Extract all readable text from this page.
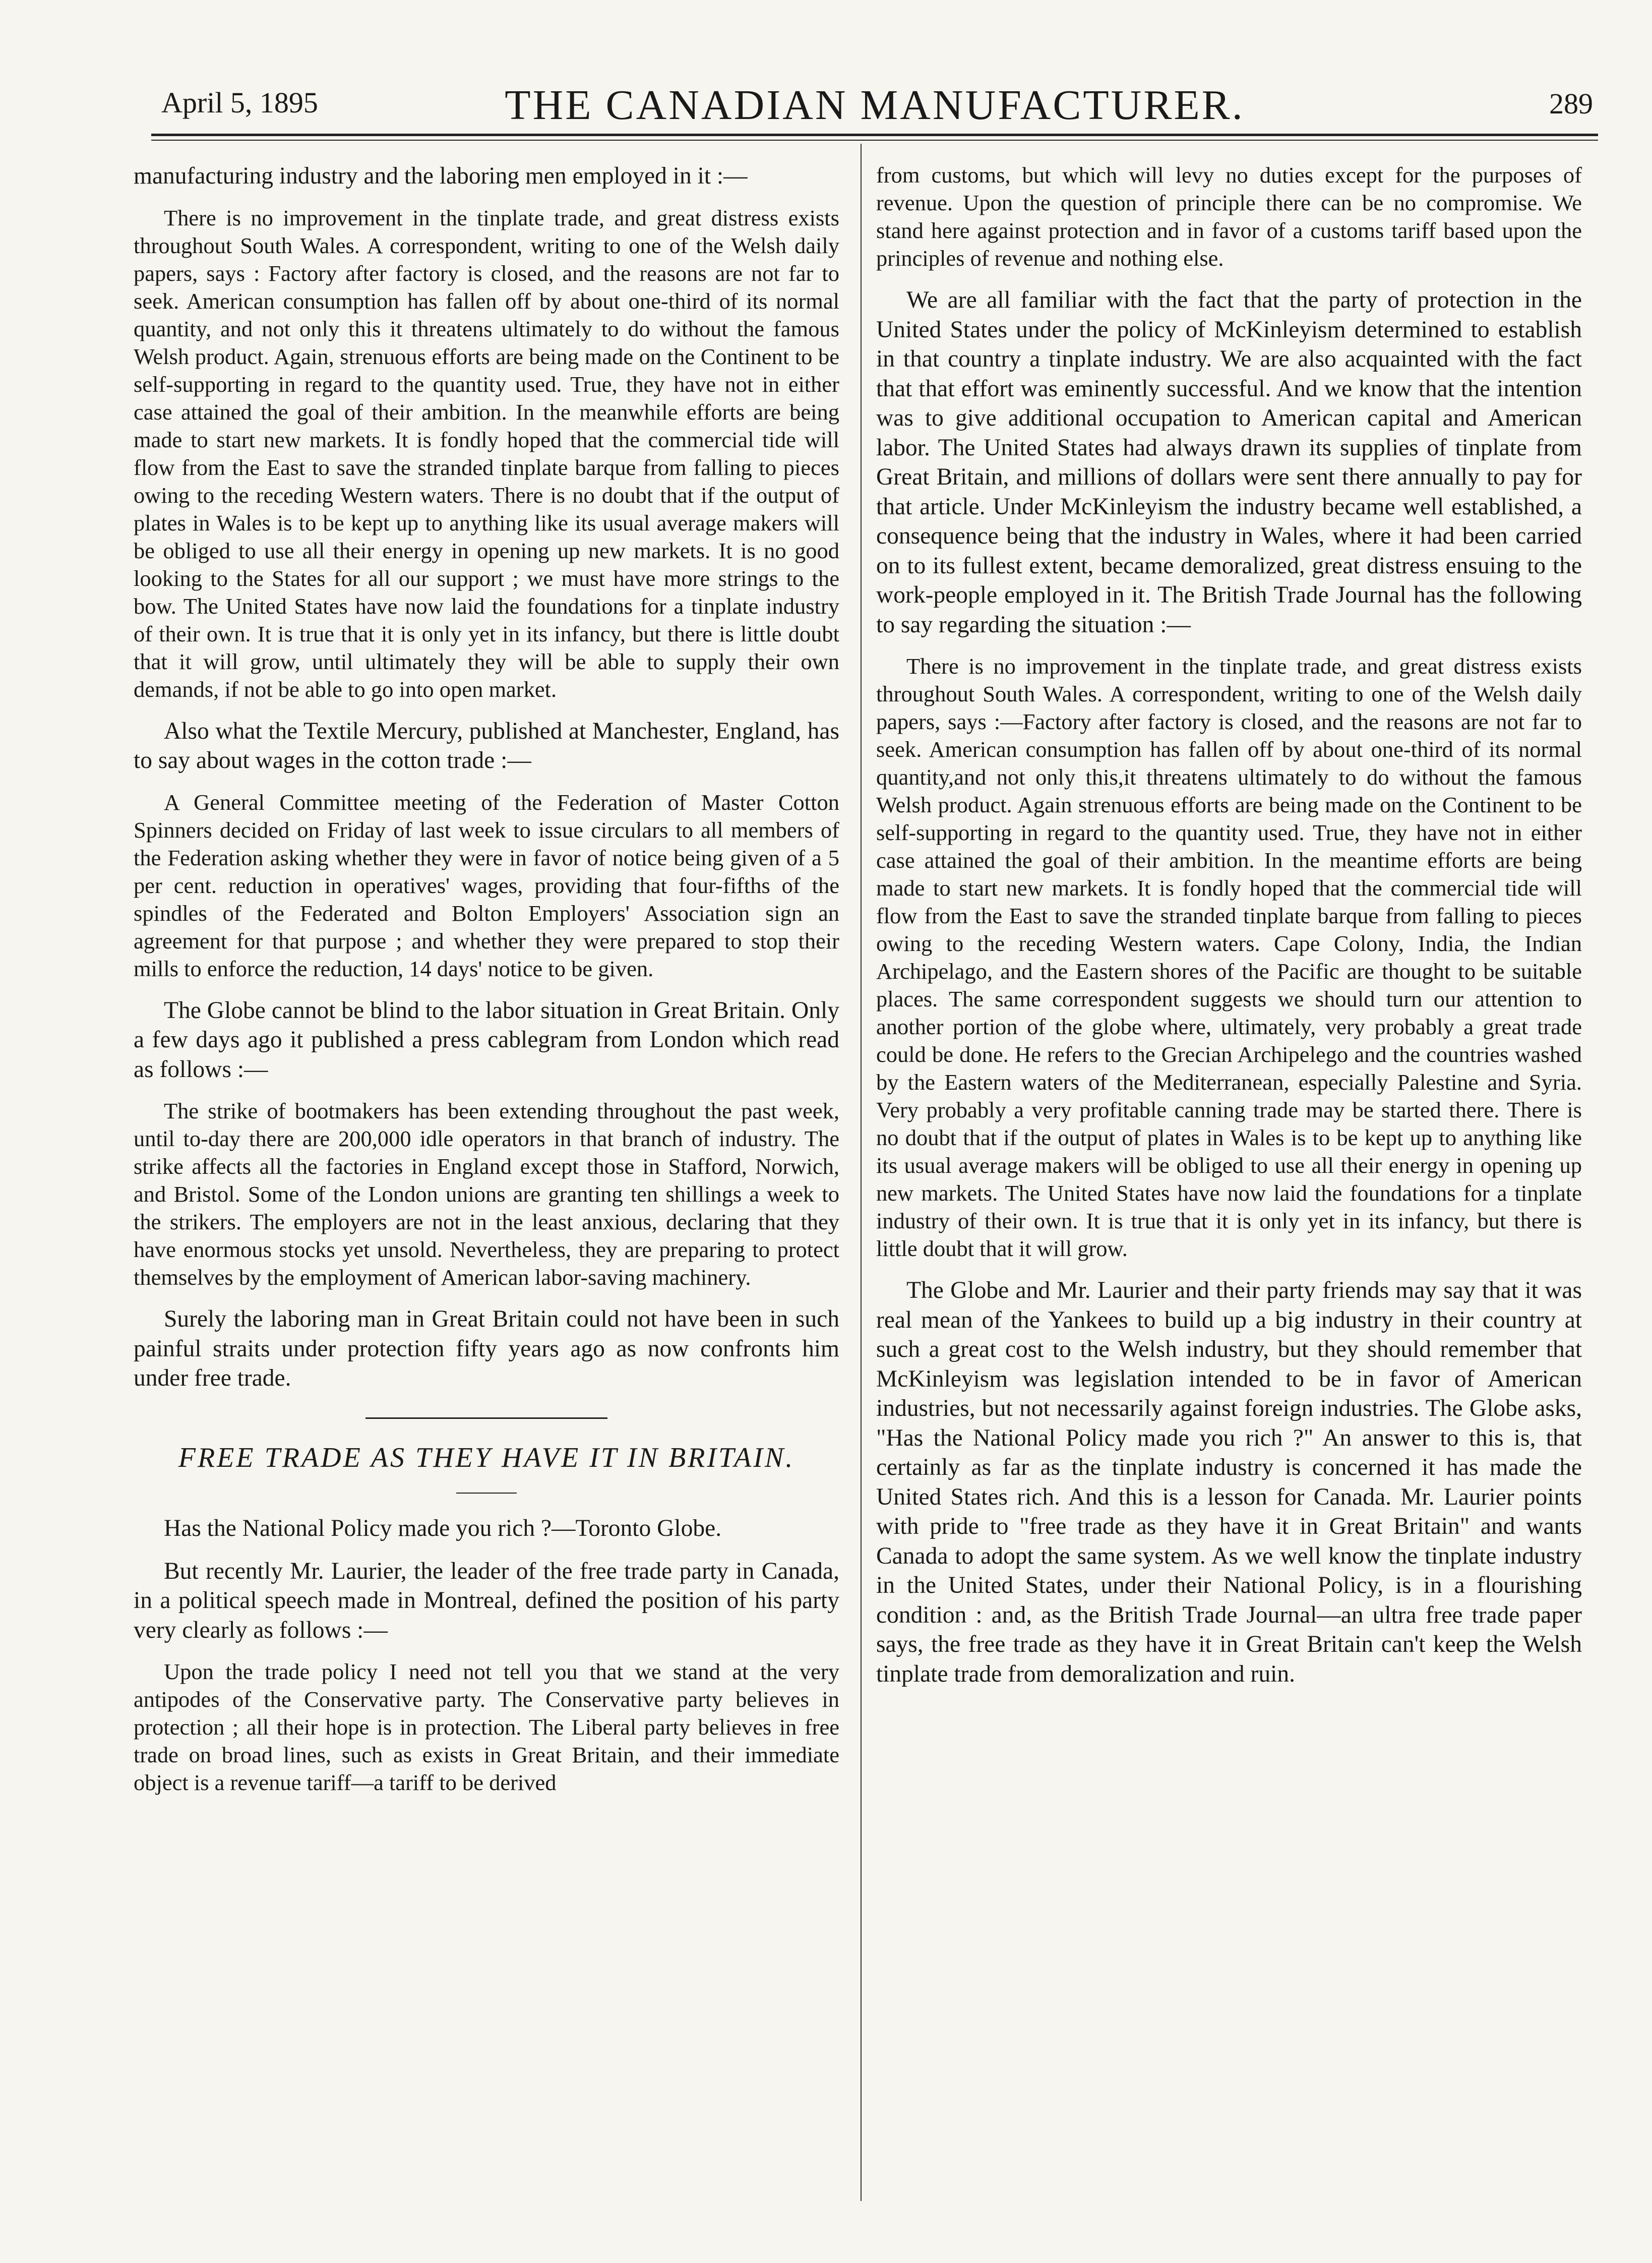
April 5, 1895	THE CANADIAN MANUFACTURER.	289

manufacturing industry and the laboring men employed in it :—

There is no improvement in the tinplate trade, and great distress exists throughout South Wales. A correspondent, writing to one of the Welsh daily papers, says : Factory after factory is closed, and the reasons are not far to seek. American consumption has fallen off by about one-third of its normal quantity, and not only this it threatens ultimately to do without the famous Welsh product. Again, strenuous efforts are being made on the Continent to be self-supporting in regard to the quantity used. True, they have not in either case attained the goal of their ambition. In the meanwhile efforts are being made to start new markets. It is fondly hoped that the commercial tide will flow from the East to save the stranded tinplate barque from falling to pieces owing to the receding Western waters. There is no doubt that if the output of plates in Wales is to be kept up to anything like its usual average makers will be obliged to use all their energy in opening up new markets. It is no good looking to the States for all our support ; we must have more strings to the bow. The United States have now laid the foundations for a tinplate industry of their own. It is true that it is only yet in its infancy, but there is little doubt that it will grow, until ultimately they will be able to supply their own demands, if not be able to go into open market.

Also what the Textile Mercury, published at Manchester, England, has to say about wages in the cotton trade :—

A General Committee meeting of the Federation of Master Cotton Spinners decided on Friday of last week to issue circulars to all members of the Federation asking whether they were in favor of notice being given of a 5 per cent. reduction in operatives' wages, providing that four-fifths of the spindles of the Federated and Bolton Employers' Association sign an agreement for that purpose ; and whether they were prepared to stop their mills to enforce the reduction, 14 days' notice to be given.

The Globe cannot be blind to the labor situation in Great Britain. Only a few days ago it published a press cablegram from London which read as follows :—

The strike of bootmakers has been extending throughout the past week, until to-day there are 200,000 idle operators in that branch of industry. The strike affects all the factories in England except those in Stafford, Norwich, and Bristol. Some of the London unions are granting ten shillings a week to the strikers. The employers are not in the least anxious, declaring that they have enormous stocks yet unsold. Nevertheless, they are preparing to protect themselves by the employment of American labor-saving machinery.

Surely the laboring man in Great Britain could not have been in such painful straits under protection fifty years ago as now confronts him under free trade.

FREE TRADE AS THEY HAVE IT IN BRITAIN.

Has the National Policy made you rich ?—Toronto Globe.

But recently Mr. Laurier, the leader of the free trade party in Canada, in a political speech made in Montreal, defined the position of his party very clearly as follows :—

Upon the trade policy I need not tell you that we stand at the very antipodes of the Conservative party. The Conservative party believes in protection ; all their hope is in protection. The Liberal party believes in free trade on broad lines, such as exists in Great Britain, and their immediate object is a revenue tariff—a tariff to be derived

from customs, but which will levy no duties except for the purposes of revenue. Upon the question of principle there can be no compromise. We stand here against protection and in favor of a customs tariff based upon the principles of revenue and nothing else.

We are all familiar with the fact that the party of protection in the United States under the policy of McKinleyism determined to establish in that country a tinplate industry. We are also acquainted with the fact that that effort was eminently successful. And we know that the intention was to give additional occupation to American capital and American labor. The United States had always drawn its supplies of tinplate from Great Britain, and millions of dollars were sent there annually to pay for that article. Under McKinleyism the industry became well established, a consequence being that the industry in Wales, where it had been carried on to its fullest extent, became demoralized, great distress ensuing to the work-people employed in it. The British Trade Journal has the following to say regarding the situation :—

There is no improvement in the tinplate trade, and great distress exists throughout South Wales. A correspondent, writing to one of the Welsh daily papers, says :—Factory after factory is closed, and the reasons are not far to seek. American consumption has fallen off by about one-third of its normal quantity,and not only this,it threatens ultimately to do without the famous Welsh product. Again strenuous efforts are being made on the Continent to be self-supporting in regard to the quantity used. True, they have not in either case attained the goal of their ambition. In the meantime efforts are being made to start new markets. It is fondly hoped that the commercial tide will flow from the East to save the stranded tinplate barque from falling to pieces owing to the receding Western waters. Cape Colony, India, the Indian Archipelago, and the Eastern shores of the Pacific are thought to be suitable places. The same correspondent suggests we should turn our attention to another portion of the globe where, ultimately, very probably a great trade could be done. He refers to the Grecian Archipelego and the countries washed by the Eastern waters of the Mediterranean, especially Palestine and Syria. Very probably a very profitable canning trade may be started there. There is no doubt that if the output of plates in Wales is to be kept up to anything like its usual average makers will be obliged to use all their energy in opening up new markets. The United States have now laid the foundations for a tinplate industry of their own. It is true that it is only yet in its infancy, but there is little doubt that it will grow.

The Globe and Mr. Laurier and their party friends may say that it was real mean of the Yankees to build up a big industry in their country at such a great cost to the Welsh industry, but they should remember that McKinleyism was legislation intended to be in favor of American industries, but not necessarily against foreign industries. The Globe asks, "Has the National Policy made you rich ?" An answer to this is, that certainly as far as the tinplate industry is concerned it has made the United States rich. And this is a lesson for Canada. Mr. Laurier points with pride to "free trade as they have it in Great Britain" and wants Canada to adopt the same system. As we well know the tinplate industry in the United States, under their National Policy, is in a flourishing condition : and, as the British Trade Journal—an ultra free trade paper says, the free trade as they have it in Great Britain can't keep the Welsh tinplate trade from demoralization and ruin.
